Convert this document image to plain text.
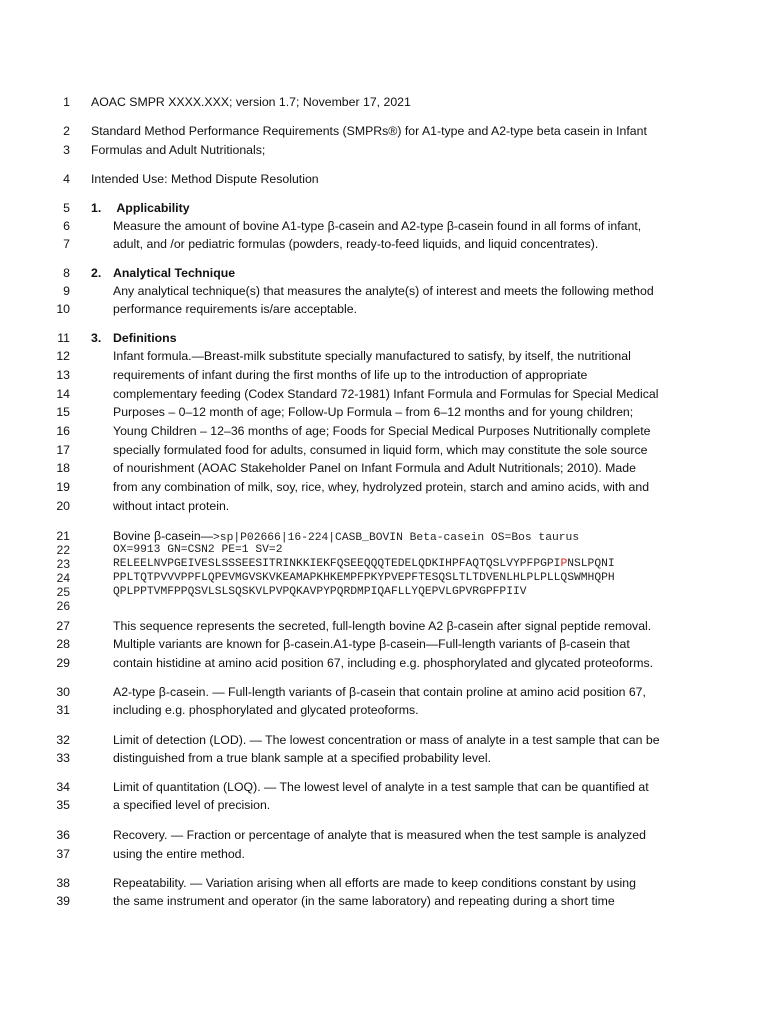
1 AOAC SMPR XXXX.XXX; version 1.7; November 17, 2021
2 Standard Method Performance Requirements (SMPRs®) for A1-type and A2-type beta casein in Infant
3 Formulas and Adult Nutritionals;
4 Intended Use: Method Dispute Resolution
5 1. Applicability
6	Measure the amount of bovine A1-type β-casein and A2-type β-casein found in all forms of infant,
7	adult, and /or pediatric formulas (powders, ready-to-feed liquids, and liquid concentrates).
8 2. Analytical Technique
9	Any analytical technique(s) that measures the analyte(s) of interest and meets the following method
10	performance requirements is/are acceptable.
11 3. Definitions
12	Infant formula.—Breast-milk substitute specially manufactured to satisfy, by itself, the nutritional
13	requirements of infant during the first months of life up to the introduction of appropriate
14	complementary feeding (Codex Standard 72-1981) Infant Formula and Formulas for Special Medical
15	Purposes – 0–12 month of age; Follow-Up Formula – from 6–12 months and for young children;
16	Young Children – 12–36 months of age; Foods for Special Medical Purposes Nutritionally complete
17	specially formulated food for adults, consumed in liquid form, which may constitute the sole source
18	of nourishment (AOAC Stakeholder Panel on Infant Formula and Adult Nutritionals; 2010). Made
19	from any combination of milk, soy, rice, whey, hydrolyzed protein, starch and amino acids, with and
20	without intact protein.
21	Bovine β-casein—>sp|P02666|16-224|CASB_BOVIN Beta-casein OS=Bos taurus
22	OX=9913 GN=CSN2 PE=1 SV=2
23	RELEELNVPGEIVESLSSSEESITRINKKIEKFQSEEQQQTEDELQDKIHPFAQTQSLVYPFPGPIPNSLPQNI
24	PPLTQTPVVVPPFLQPEVMGVSKVKEAMAPKHKEMPFPKYPVEPFTESQSLTLTDVENLHLPLPLLQSWMHQPH
25	QPLPPTVMFPPQSVLSLSQSKVLPVPQKAVPYPQRDMPIQAFLLYQEPVLGPVRGPFPIIV
26
27	This sequence represents the secreted, full-length bovine A2 β-casein after signal peptide removal.
28	Multiple variants are known for β-casein.A1-type β-casein—Full-length variants of β-casein that
29	contain histidine at amino acid position 67, including e.g. phosphorylated and glycated proteoforms.
30	A2-type β-casein. — Full-length variants of β-casein that contain proline at amino acid position 67,
31	including e.g. phosphorylated and glycated proteoforms.
32	Limit of detection (LOD). — The lowest concentration or mass of analyte in a test sample that can be
33	distinguished from a true blank sample at a specified probability level.
34	Limit of quantitation (LOQ). — The lowest level of analyte in a test sample that can be quantified at
35	a specified level of precision.
36	Recovery. — Fraction or percentage of analyte that is measured when the test sample is analyzed
37	using the entire method.
38	Repeatability. — Variation arising when all efforts are made to keep conditions constant by using
39	the same instrument and operator (in the same laboratory) and repeating during a short time
